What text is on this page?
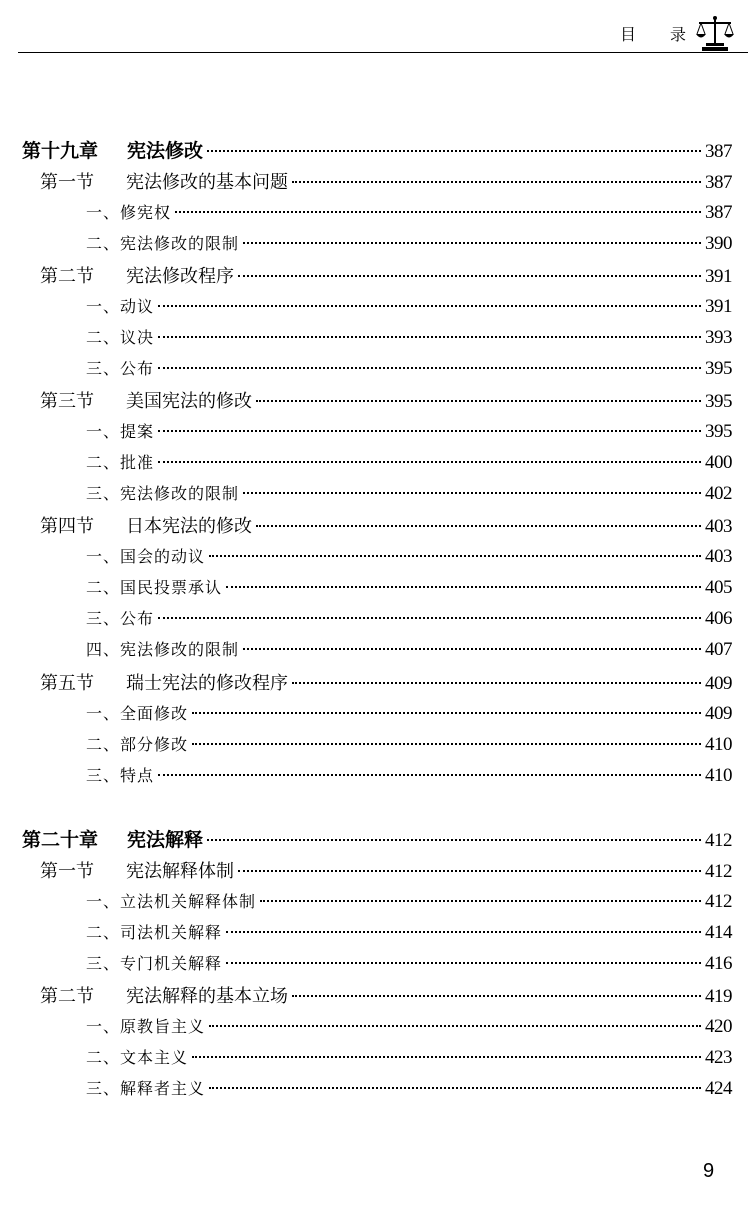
目 录
第十九章 宪法修改	387
第一节 宪法修改的基本问题	387
一、修宪权	387
二、宪法修改的限制	390
第二节 宪法修改程序	391
一、动议	391
二、议决	393
三、公布	395
第三节 美国宪法的修改	395
一、提案	395
二、批准	400
三、宪法修改的限制	402
第四节 日本宪法的修改	403
一、国会的动议	403
二、国民投票承认	405
三、公布	406
四、宪法修改的限制	407
第五节 瑞士宪法的修改程序	409
一、全面修改	409
二、部分修改	410
三、特点	410
第二十章 宪法解释	412
第一节 宪法解释体制	412
一、立法机关解释体制	412
二、司法机关解释	414
三、专门机关解释	416
第二节 宪法解释的基本立场	419
一、原教旨主义	420
二、文本主义	423
三、解释者主义	424
9
